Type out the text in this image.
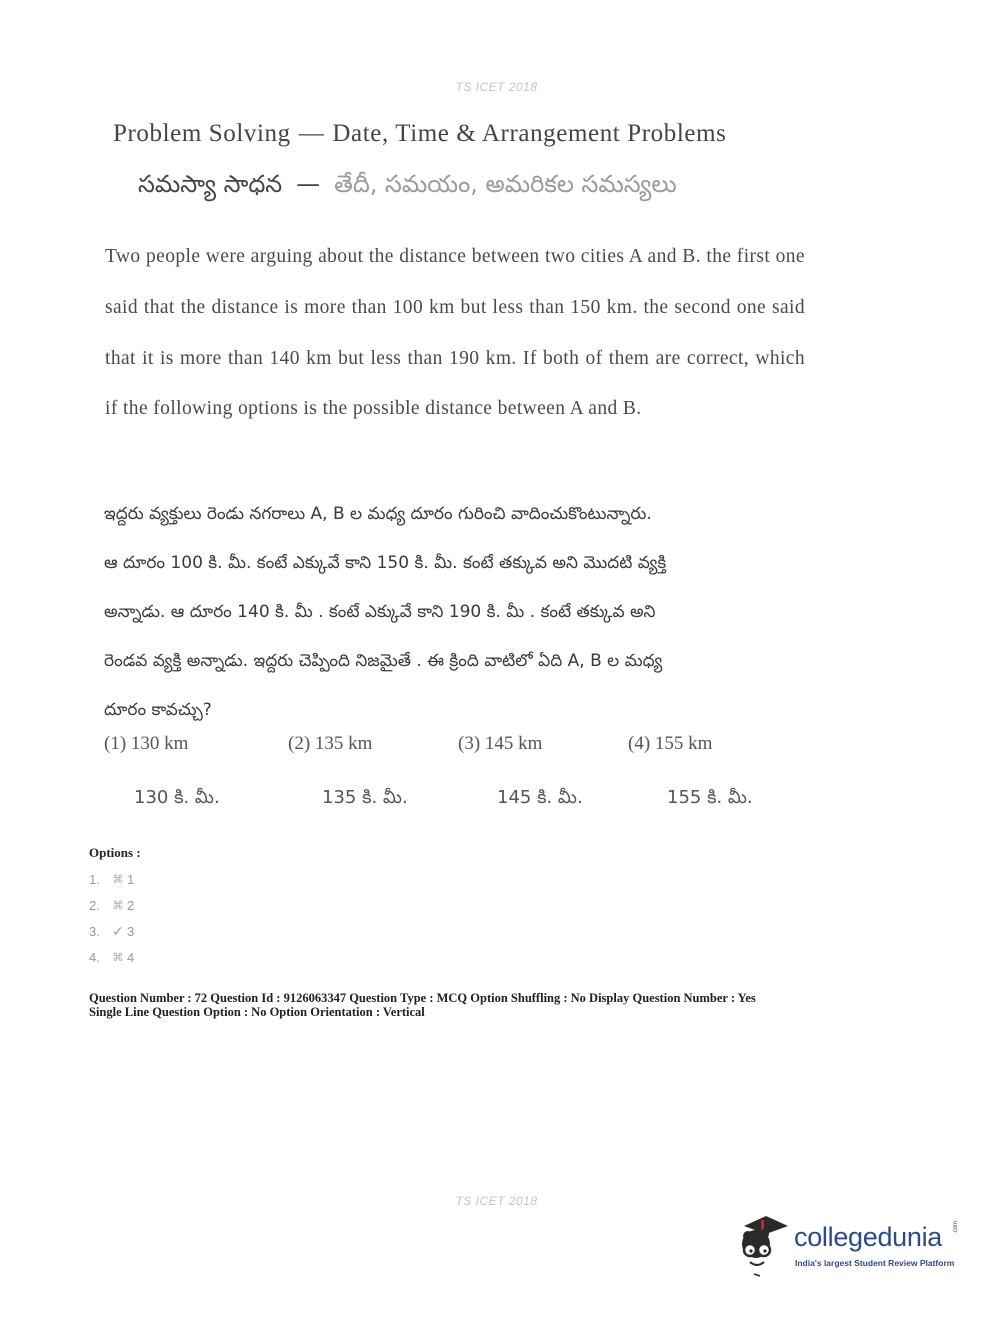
TS ICET 2018
Problem Solving — Date, Time & Arrangement Problems
సమస్యా సాధన — తేదీ, సమయం, అమరికల సమస్యలు
Two people were arguing about the distance between two cities A and B. the first one said that the distance is more than 100 km but less than 150 km. the second one said that it is more than 140 km but less than 190 km. If both of them are correct, which if the following options is the possible distance between A and B.
ఇద్దరు వ్యక్తులు రెండు నగరాలు A, B ల మధ్య దూరం గురించి వాదించుకొంటున్నారు.
ఆ దూరం 100 కి. మీ. కంటే ఎక్కువే కాని 150 కి. మీ. కంటే తక్కువ అని మొదటి వ్యక్తి
అన్నాడు. ఆ దూరం 140 కి. మీ . కంటే ఎక్కువే కాని 190 కి. మీ . కంటే తక్కువ అని
రెండవ వ్యక్తి అన్నాడు. ఇద్దరు చెప్పింది నిజమైతే . ఈ క్రింది వాటిలో ఏది A, B ల మధ్య
దూరం కావచ్చు?
(1) 130 km	(2) 135 km	(3) 145 km	(4) 155 km
130 కి. మీ.	135 కి. మీ.	145 కి. మీ.	155 కి. మీ.
Options :
1.	⌘ 1
2.	⌘ 2
3. ✓ 3
4.	⌘ 4
Question Number : 72 Question Id : 9126063347 Question Type : MCQ Option Shuffling : No Display Question Number : Yes
Single Line Question Option : No Option Orientation : Vertical
TS ICET 2018
collegedunia .com
India's largest Student Review Platform
